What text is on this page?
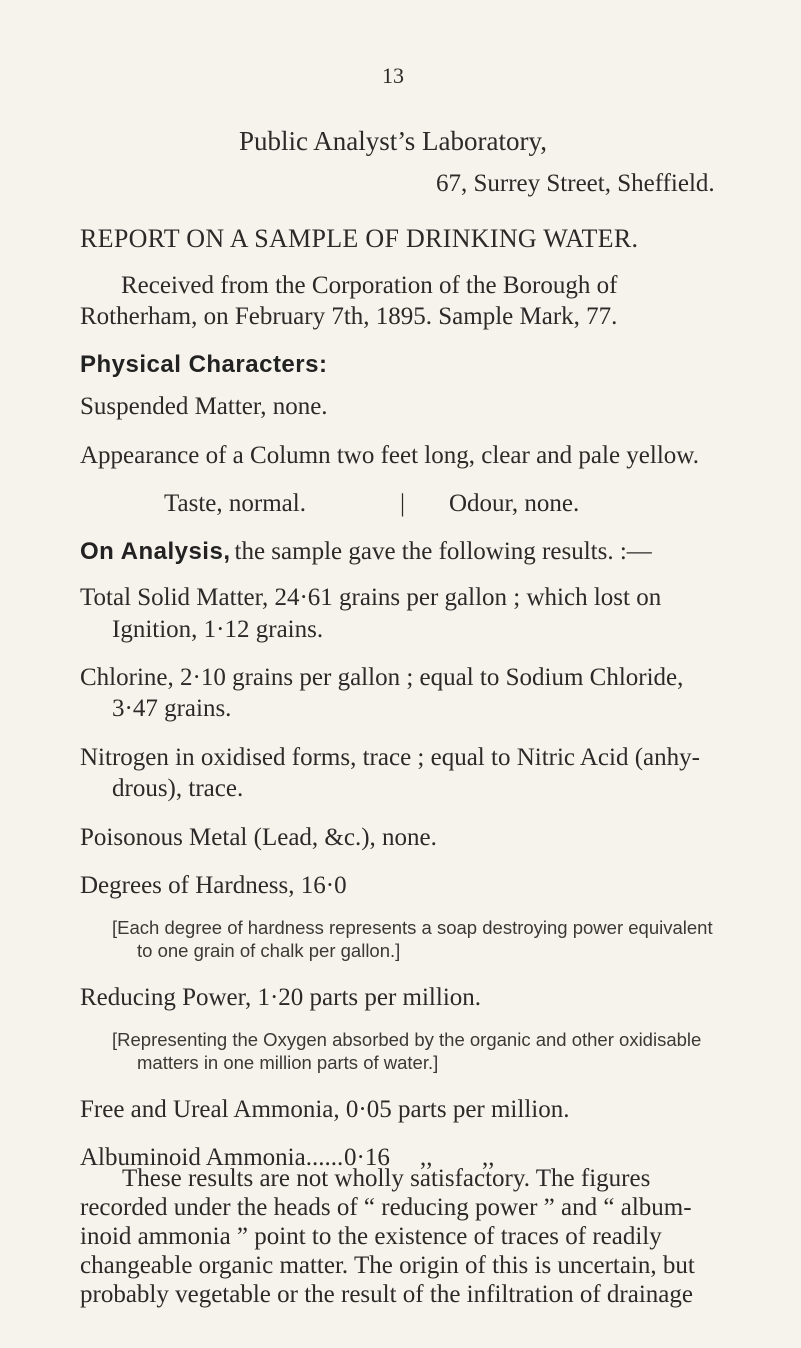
13
Public Analyst’s Laboratory,
67, Surrey Street, Sheffield.
REPORT ON A SAMPLE OF DRINKING WATER.
Received from the Corporation of the Borough of
Rotherham, on February 7th, 1895. Sample Mark, 77.
Physical Characters:
Suspended Matter, none.
Appearance of a Column two feet long, clear and pale yellow.
Taste, normal.	| Odour, none.
On Analysis, the sample gave the following results. :—
Total Solid Matter, 24·61 grains per gallon ; which lost on
Ignition, 1·12 grains.
Chlorine, 2·10 grains per gallon ; equal to Sodium Chloride,
3·47 grains.
Nitrogen in oxidised forms, trace ; equal to Nitric Acid (anhy-
drous), trace.
Poisonous Metal (Lead, &c.), none.
Degrees of Hardness, 16·0
[Each degree of hardness represents a soap destroying power equivalent
to one grain of chalk per gallon.]
Reducing Power, 1·20 parts per million.
[Representing the Oxygen absorbed by the organic and other oxidisable
matters in one million parts of water.]
Free and Ureal Ammonia, 0·05 parts per million.
Albuminoid Ammonia...... 0·16 ,, ,,
These results are not wholly satisfactory. The figures
recorded under the heads of “ reducing power ” and “ album-
inoid ammonia ” point to the existence of traces of readily
changeable organic matter. The origin of this is uncertain, but
probably vegetable or the result of the infiltration of drainage
